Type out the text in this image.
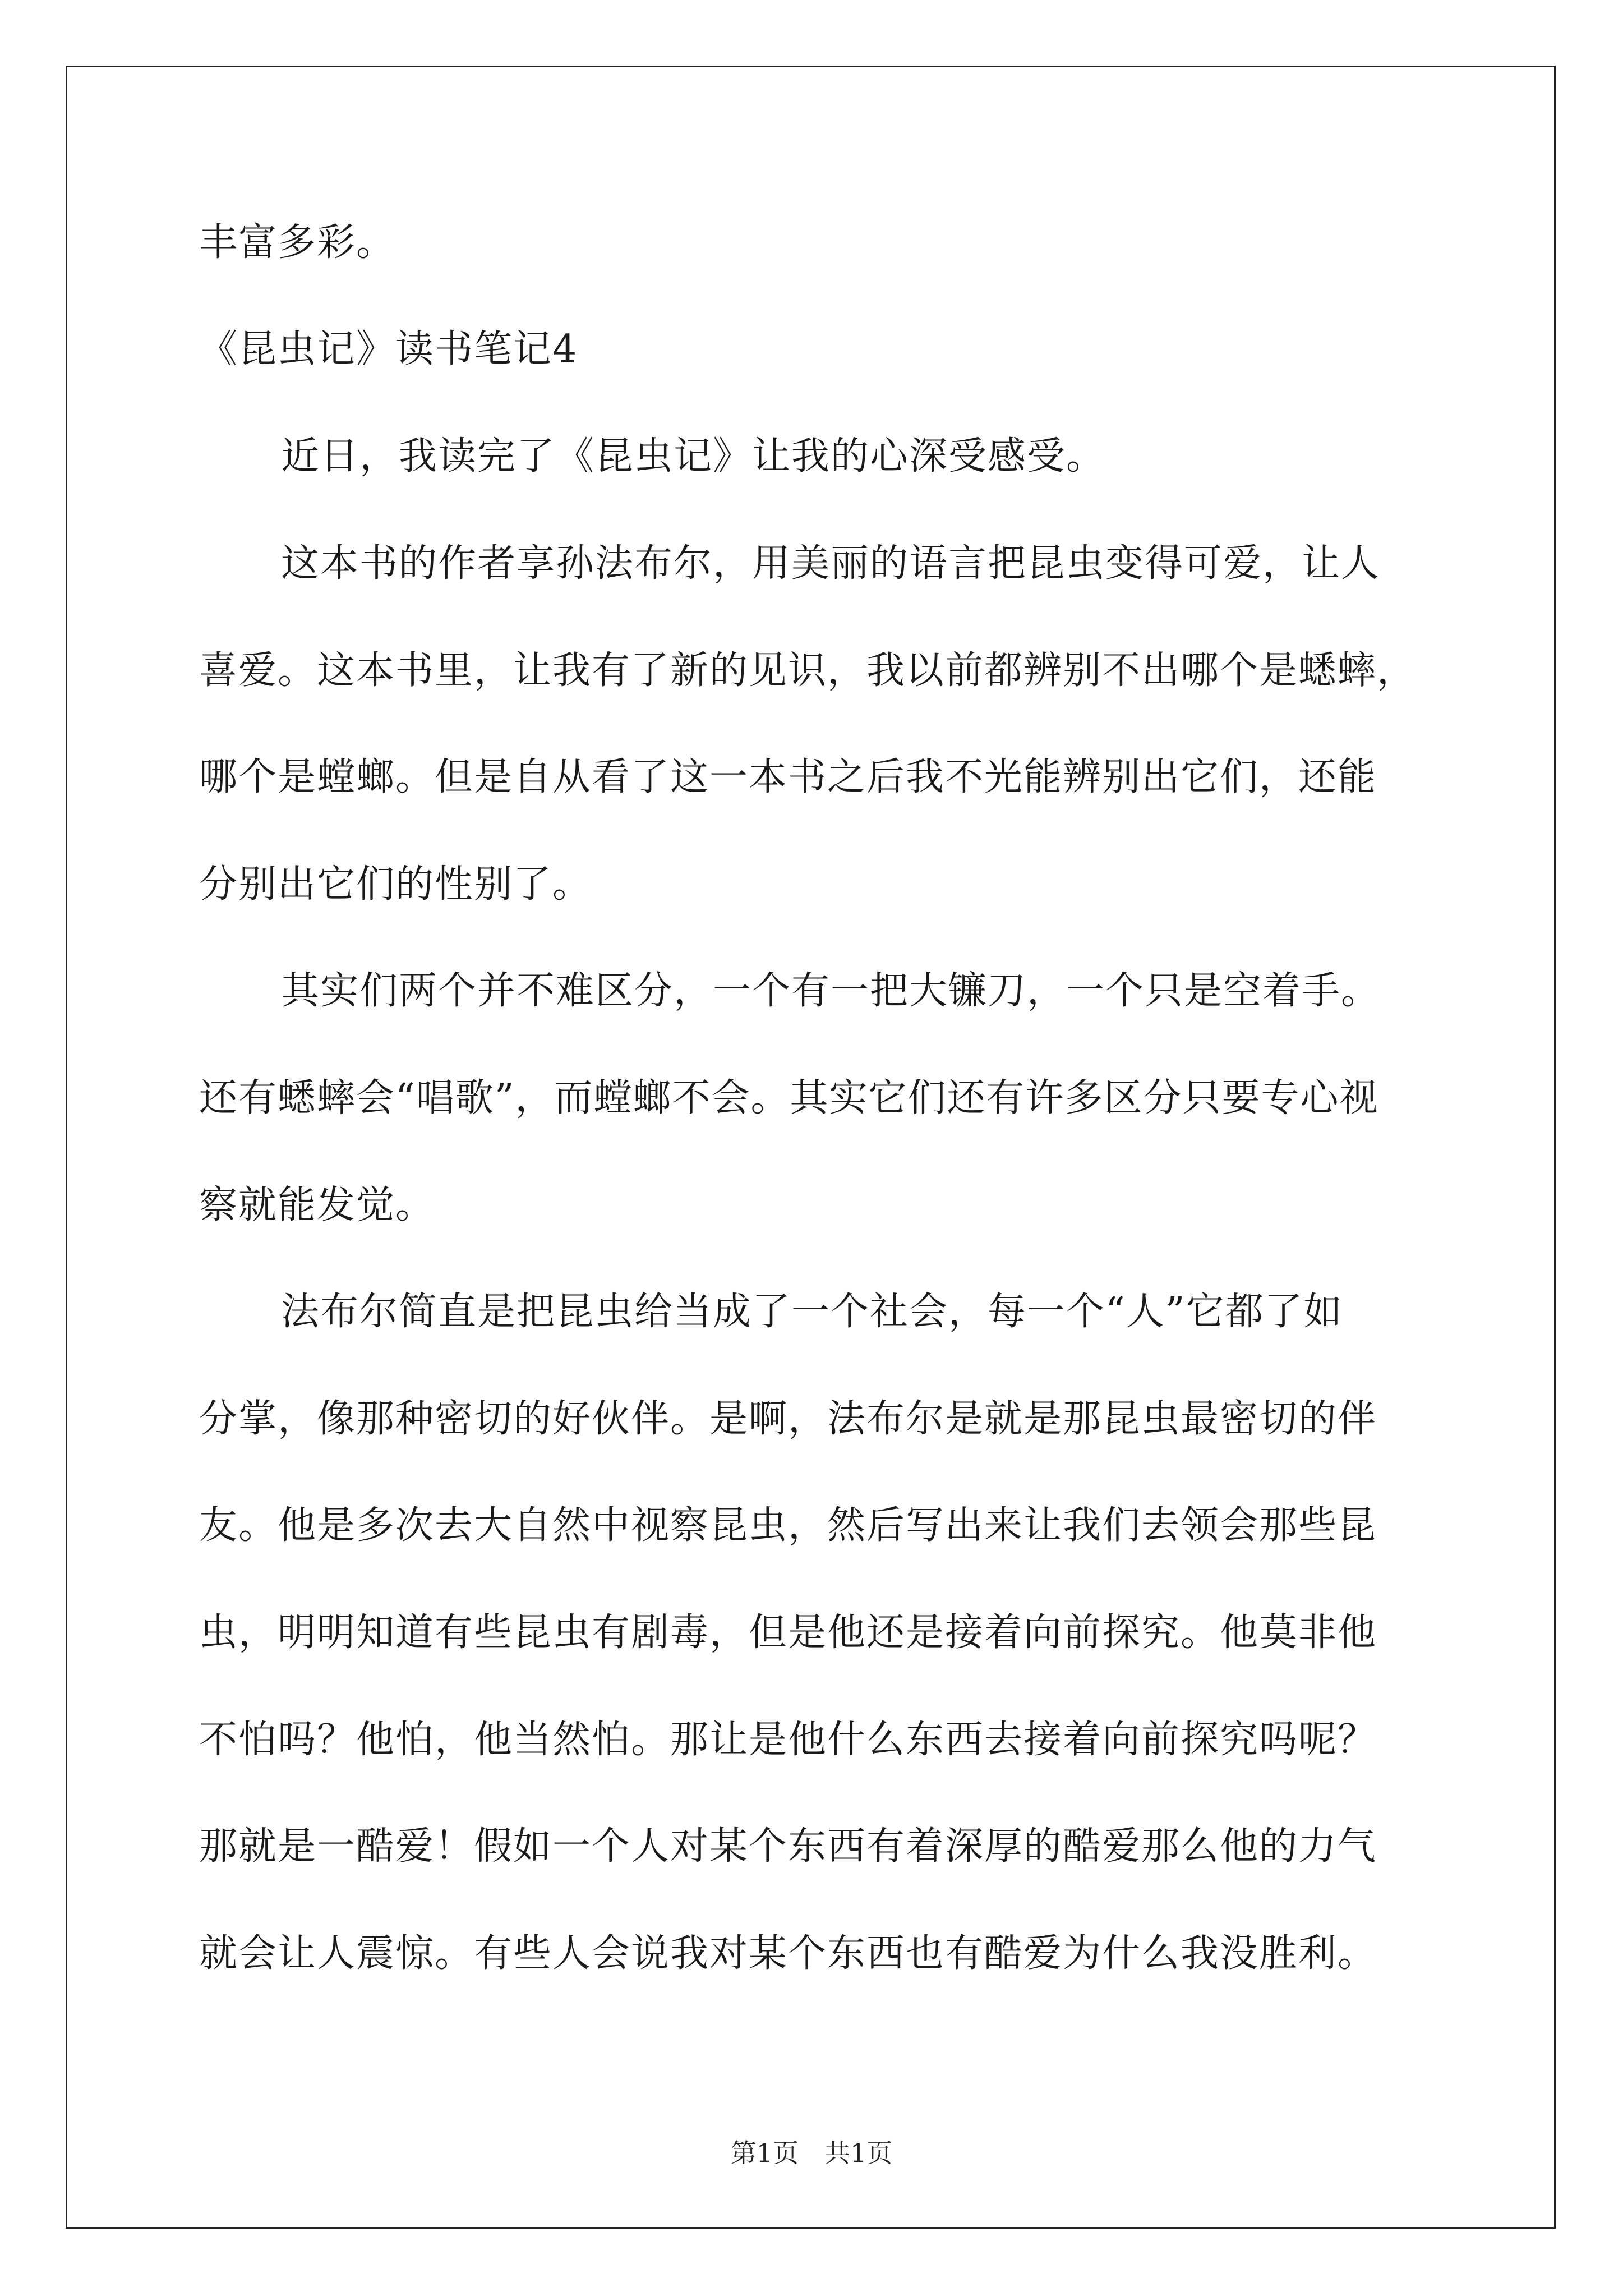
丰富多彩。
《昆虫记》读书笔记4
近日，我读完了《昆虫记》让我的心深受感受。
这本书的作者享孙法布尔，用美丽的语言把昆虫变得可爱，让人
喜爱。这本书里，让我有了新的见识，我以前都辨别不出哪个是蟋蟀，
哪个是螳螂。但是自从看了这一本书之后我不光能辨别出它们，还能
分别出它们的性别了。
其实们两个并不难区分，一个有一把大镰刀，一个只是空着手。
还有蟋蟀会“唱歌”，而螳螂不会。其实它们还有许多区分只要专心视
察就能发觉。
法布尔简直是把昆虫给当成了一个社会，每一个“人”它都了如
分掌，像那种密切的好伙伴。是啊，法布尔是就是那昆虫最密切的伴
友。他是多次去大自然中视察昆虫，然后写出来让我们去领会那些昆
虫，明明知道有些昆虫有剧毒，但是他还是接着向前探究。他莫非他
不怕吗？他怕，他当然怕。那让是他什么东西去接着向前探究吗呢？
那就是一酷爱！假如一个人对某个东西有着深厚的酷爱那么他的力气
就会让人震惊。有些人会说我对某个东西也有酷爱为什么我没胜利。
第1页　共1页
